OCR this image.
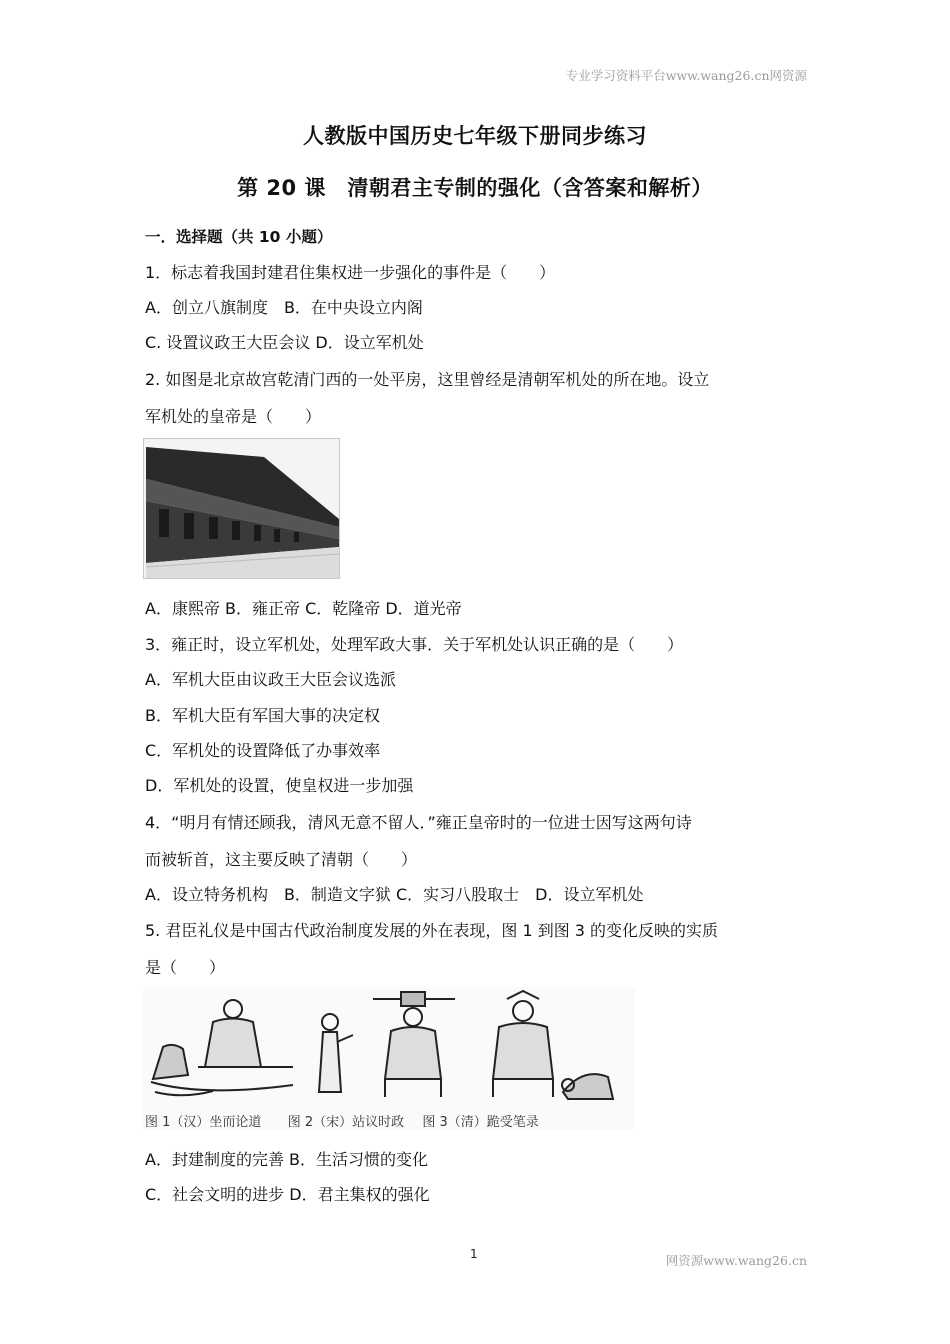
专业学习资料平台www.wang26.cn网资源
人教版中国历史七年级下册同步练习
第 20 课　清朝君主专制的强化（含答案和解析）
一．选择题（共 10 小题）
1．标志着我国封建君住集权进一步强化的事件是（　　）
A．创立八旗制度　B．在中央设立内阁
C. 设置议政王大臣会议 D．设立军机处
2. 如图是北京故宫乾清门西的一处平房，这里曾经是清朝军机处的所在地。设立
军机处的皇帝是（　　）
A．康熙帝 B．雍正帝 C．乾隆帝 D．道光帝
3．雍正时，设立军机处，处理军政大事．关于军机处认识正确的是（　　）
A．军机大臣由议政王大臣会议选派
B．军机大臣有军国大事的决定权
C．军机处的设置降低了办事效率
D．军机处的设置，使皇权进一步加强
4．“明月有情还顾我，清风无意不留人．”雍正皇帝时的一位进士因写这两句诗
而被斩首，这主要反映了清朝（　　）
A．设立特务机构　B．制造文字狱 C．实习八股取士　D．设立军机处
5. 君臣礼仪是中国古代政治制度发展的外在表现，图 1 到图 3 的变化反映的实质
是（　　）
图 1（汉）坐而论道 图 2（宋）站议时政 图 3（清）跪受笔录
A．封建制度的完善 B．生活习惯的变化
C．社会文明的进步 D．君主集权的强化
1	网资源www.wang26.cn
